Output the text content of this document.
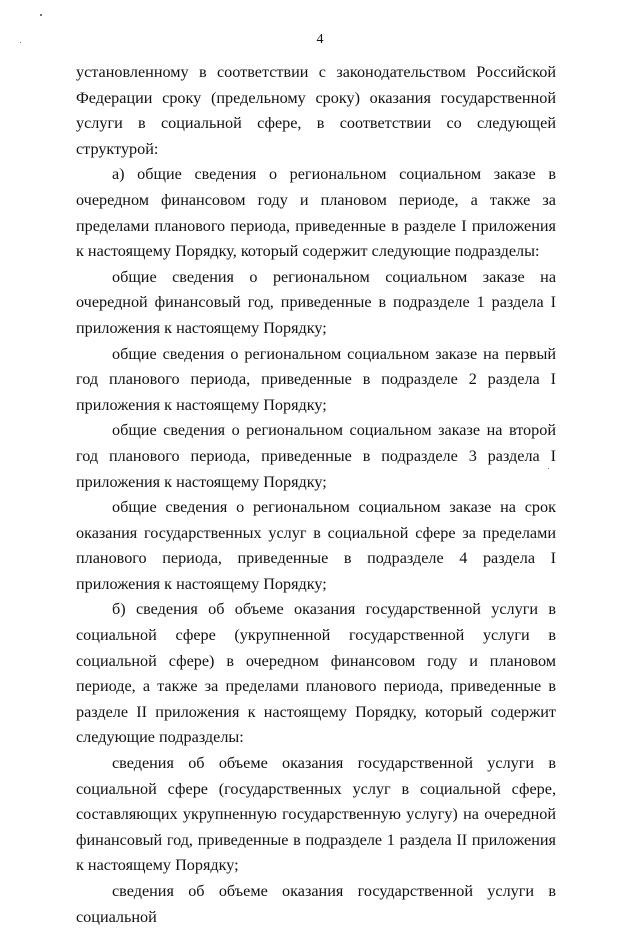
4

установленному в соответствии с законодательством Российской Федерации сроку (предельному сроку) оказания государственной услуги в социальной сфере, в соответствии со следующей структурой:

а) общие сведения о региональном социальном заказе в очередном финансовом году и плановом периоде, а также за пределами планового периода, приведенные в разделе I приложения к настоящему Порядку, который содержит следующие подразделы:

общие сведения о региональном социальном заказе на очередной финансовый год, приведенные в подразделе 1 раздела I приложения к настоящему Порядку;

общие сведения о региональном социальном заказе на первый год планового периода, приведенные в подразделе 2 раздела I приложения к настоящему Порядку;

общие сведения о региональном социальном заказе на второй год планового периода, приведенные в подразделе 3 раздела I приложения к настоящему Порядку;

общие сведения о региональном социальном заказе на срок оказания государственных услуг в социальной сфере за пределами планового периода, приведенные в подразделе 4 раздела I приложения к настоящему Порядку;

б) сведения об объеме оказания государственной услуги в социальной сфере (укрупненной государственной услуги в социальной сфере) в очередном финансовом году и плановом периоде, а также за пределами планового периода, приведенные в разделе II приложения к настоящему Порядку, который содержит следующие подразделы:

сведения об объеме оказания государственной услуги в социальной сфере (государственных услуг в социальной сфере, составляющих укрупненную государственную услугу) на очередной финансовый год, приведенные в подразделе 1 раздела II приложения к настоящему Порядку;

сведения об объеме оказания государственной услуги в социальной
